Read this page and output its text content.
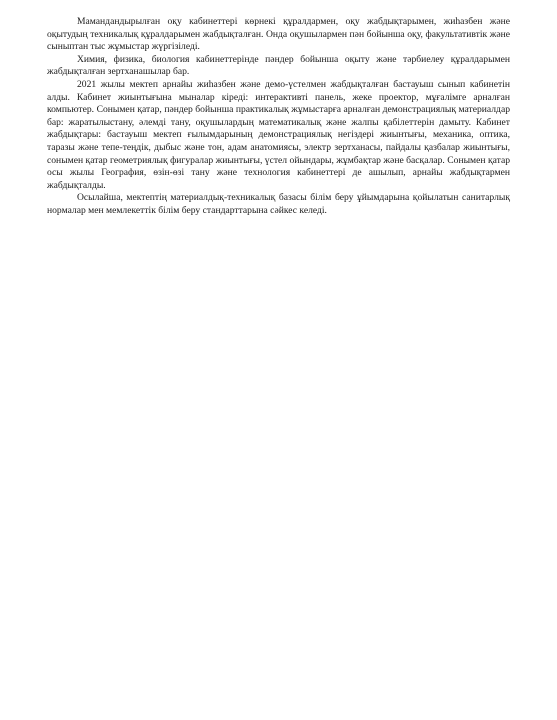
Мамандандырылған оқу кабинеттері көрнекі құралдармен, оқу жабдықтарымен, жиһазбен және оқытудың техникалық құралдарымен жабдықталған. Онда оқушылармен пән бойынша оқу, факультативтік және сыныптан тыс жұмыстар жүргізіледі.

Химия, физика, биология кабинеттерінде пәндер бойынша оқыту және тәрбиелеу құралдарымен жабдықталған зертханашылар бар.

2021 жылы мектеп арнайы жиһазбен және демо-үстелмен жабдықталған бастауыш сынып кабинетін алды. Кабинет жиынтығына мыналар кіреді: интерактивті панель, жеке проектор, мұғалімге арналған компьютер. Сонымен қатар, пәндер бойынша практикалық жұмыстарға арналған демонстрациялық материалдар бар: жаратылыстану, әлемді тану, оқушылардың математикалық және жалпы қабілеттерін дамыту. Кабинет жабдықтары: бастауыш мектеп ғылымдарының демонстрациялық негіздері жиынтығы, механика, оптика, таразы және тепе-теңдік, дыбыс және тон, адам анатомиясы, электр зертханасы, пайдалы қазбалар жиынтығы, сонымен қатар геометриялық фигуралар жиынтығы, үстел ойындары, жұмбақтар және басқалар. Сонымен қатар осы жылы География, өзін-өзі тану және технология кабинеттері де ашылып, арнайы жабдықтармен жабдықталды.

Осылайша, мектептің материалдық-техникалық базасы білім беру ұйымдарына қойылатын санитарлық нормалар мен мемлекеттік білім беру стандарттарына сәйкес келеді.
